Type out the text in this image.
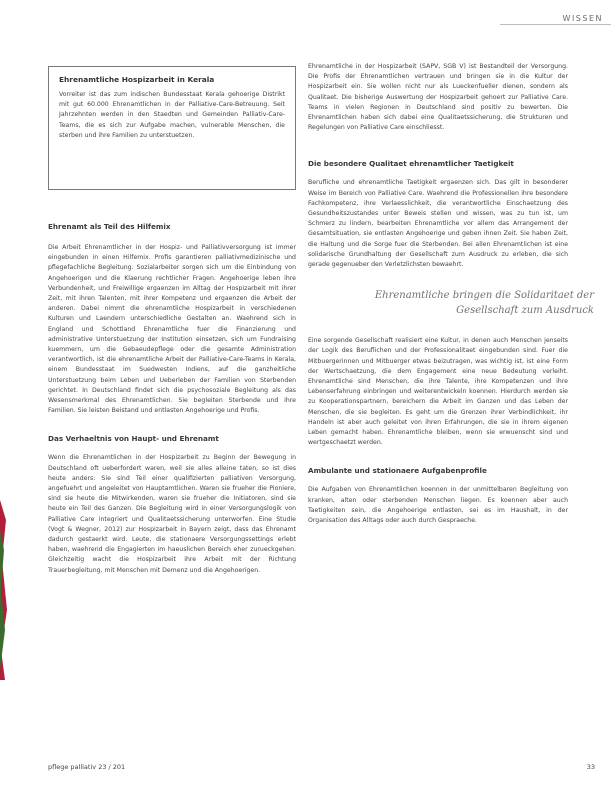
WISSEN
Ehrenamtliche Hospizarbeit in Kerala

Vorreiter ist das zum indischen Bundesstaat Kerala gehoerige Distrikt mit gut 60.000 Ehrenamtlichen in der Palliative-Care-Betreuung. Seit Jahrzehnten werden in den Staedten und Gemeinden Palliativ-Care-Teams, die es sich zur Aufgabe machen, vulnerable Menschen, die sterben und ihre Familien zu unterstuetzen.

Ehrenamt als Teil des Hilfemix

Die Arbeit Ehrenamtlicher in der Hospiz- und Palliativversorgung ist immer eingebunden in einen Hilfemix. Profis garantieren palliativmedizinische und pflegefachliche Begleitung. Sozialarbeiter sorgen sich um die Einbindung von Angehoerigen und die Klaerung rechtlicher Fragen. Angehoerige leben ihre Verbundenheit, und Freiwillige ergaenzen im Alltag der Hospizarbeit mit ihrer Zeit, mit ihren Talenten, mit ihrer Kompetenz und ergaenzen die Arbeit der anderen. Dabei nimmt die ehrenamtliche Hospizarbeit in verschiedenen Kulturen und Laendern unterschiedliche Gestalten an. Waehrend sich in England und Schottland Ehrenamtliche fuer die Finanzierung und administrative Unterstuetzung der Institution einsetzen, sich um Fundraising kuemmern, um die Gebaeudepflege oder die gesamte Administration verantwortlich, ist die ehrenamtliche Arbeit der Palliative-Care-Teams in Kerala, einem Bundesstaat im Suedwesten Indiens, auf die ganzheitliche Unterstuetzung beim Leben und Ueberleben der Familien von Sterbenden gerichtet. In Deutschland findet sich die psychosoziale Begleitung als das Wesensmerkmal des Ehrenamtlichen. Sie begleiten Sterbende und ihre Familien. Sie leisten Beistand und entlasten Angehoerige und Profis.

Das Verhaeltnis von Haupt- und Ehrenamt

Wenn die Ehrenamtlichen in der Hospizarbeit zu Beginn der Bewegung in Deutschland oft ueberfordert waren, weil sie alles alleine taten, so ist dies heute anders: Sie sind Teil einer qualifizierten palliativen Versorgung, angefuehrt und angeleitet von Hauptamtlichen. Waren sie frueher die Pioniere, sind sie heute die Mitwirkenden, waren sie frueher die Initiatoren, sind sie heute ein Teil des Ganzen. Die Begleitung wird in einer Versorgungslogik von Palliative Care integriert und Qualitaetssicherung unterworfen. Eine Studie (Vogt & Wegner, 2012) zur Hospizarbeit in Bayern zeigt, dass das Ehrenamt dadurch gestaerkt wird. Leute, die stationaere Versorgungssettings erlebt haben, waehrend die Engagierten im haeuslichen Bereich eher zurueckgehen. Gleichzeitig wacht die Hospizarbeit ihre Arbeit mit der Richtung Trauerbegleitung, mit Menschen mit Demenz und die Angehoerigen.

Ehrenamtliche in der Hospizarbeit (SAPV, SGB V) ist Bestandteil der Versorgung. Die Profis der Ehrenamtlichen vertrauen und bringen sie in die Kultur der Hospizarbeit ein. Sie wollen nicht nur als Lueckenfueller dienen, sondern als Qualitaet. Die bisherige Auswertung der Hospizarbeit gehoert zur Palliative Care. Teams in vielen Regionen in Deutschland sind positiv zu bewerten. Die Ehrenamtlichen haben sich dabei eine Qualitaetssicherung, die Strukturen und Regelungen von Palliative Care einschliesst.

Die besondere Qualitaet ehrenamtlicher Taetigkeit

Berufliche und ehrenamtliche Taetigkeit ergaenzen sich. Das gilt in besonderer Weise im Bereich von Palliative Care. Waehrend die Professionellen ihre besondere Fachkompetenz, ihre Verlaesslichkeit, die verantwortliche Einschaetzung des Gesundheitszustandes unter Beweis stellen und wissen, was zu tun ist, um Schmerz zu lindern, bearbeiten Ehrenamtliche vor allem das Arrangement der Gesamtsituation, sie entlasten Angehoerige und geben ihnen Zeit. Sie haben Zeit, die Haltung und die Sorge fuer die Sterbenden. Bei allen Ehrenamtlichen ist eine solidarische Grundhaltung der Gesellschaft zum Ausdruck zu erleben, die sich gerade gegenueber den Verletzlichsten bewaehrt.

Ehrenamtliche bringen die Solidaritaet der Gesellschaft zum Ausdruck

Eine sorgende Gesellschaft realisiert eine Kultur, in denen auch Menschen jenseits der Logik des Beruflichen und der Professionalitaet eingebunden sind. Fuer die Mitbuergerinnen und Mitbuerger etwas beizutragen, was wichtig ist, ist eine Form der Wertschaetzung, die dem Engagement eine neue Bedeutung verleiht. Ehrenamtliche sind Menschen, die ihre Talente, ihre Kompetenzen und ihre Lebenserfahrung einbringen und weiterentwickeln koennen. Hierdurch werden sie zu Kooperationspartnern, bereichern die Arbeit im Ganzen und das Leben der Menschen, die sie begleiten. Es geht um die Grenzen ihrer Verbindlichkeit, ihr Handeln ist aber auch geleitet von ihren Erfahrungen, die sie in ihrem eigenen Leben gemacht haben. Ehrenamtliche bleiben, wenn sie erwuenscht sind und wertgeschaetzt werden.

Ambulante und stationaere Aufgabenprofile

Die Aufgaben von Ehrenamtlichen koennen in der unmittelbaren Begleitung von kranken, alten oder sterbenden Menschen liegen. Es koennen aber auch Taetigkeiten sein, die Angehoerige entlasten, sei es im Haushalt, in der Organisation des Alltags oder auch durch Gespraeche.

pflege palliativ 23 / 201	33
